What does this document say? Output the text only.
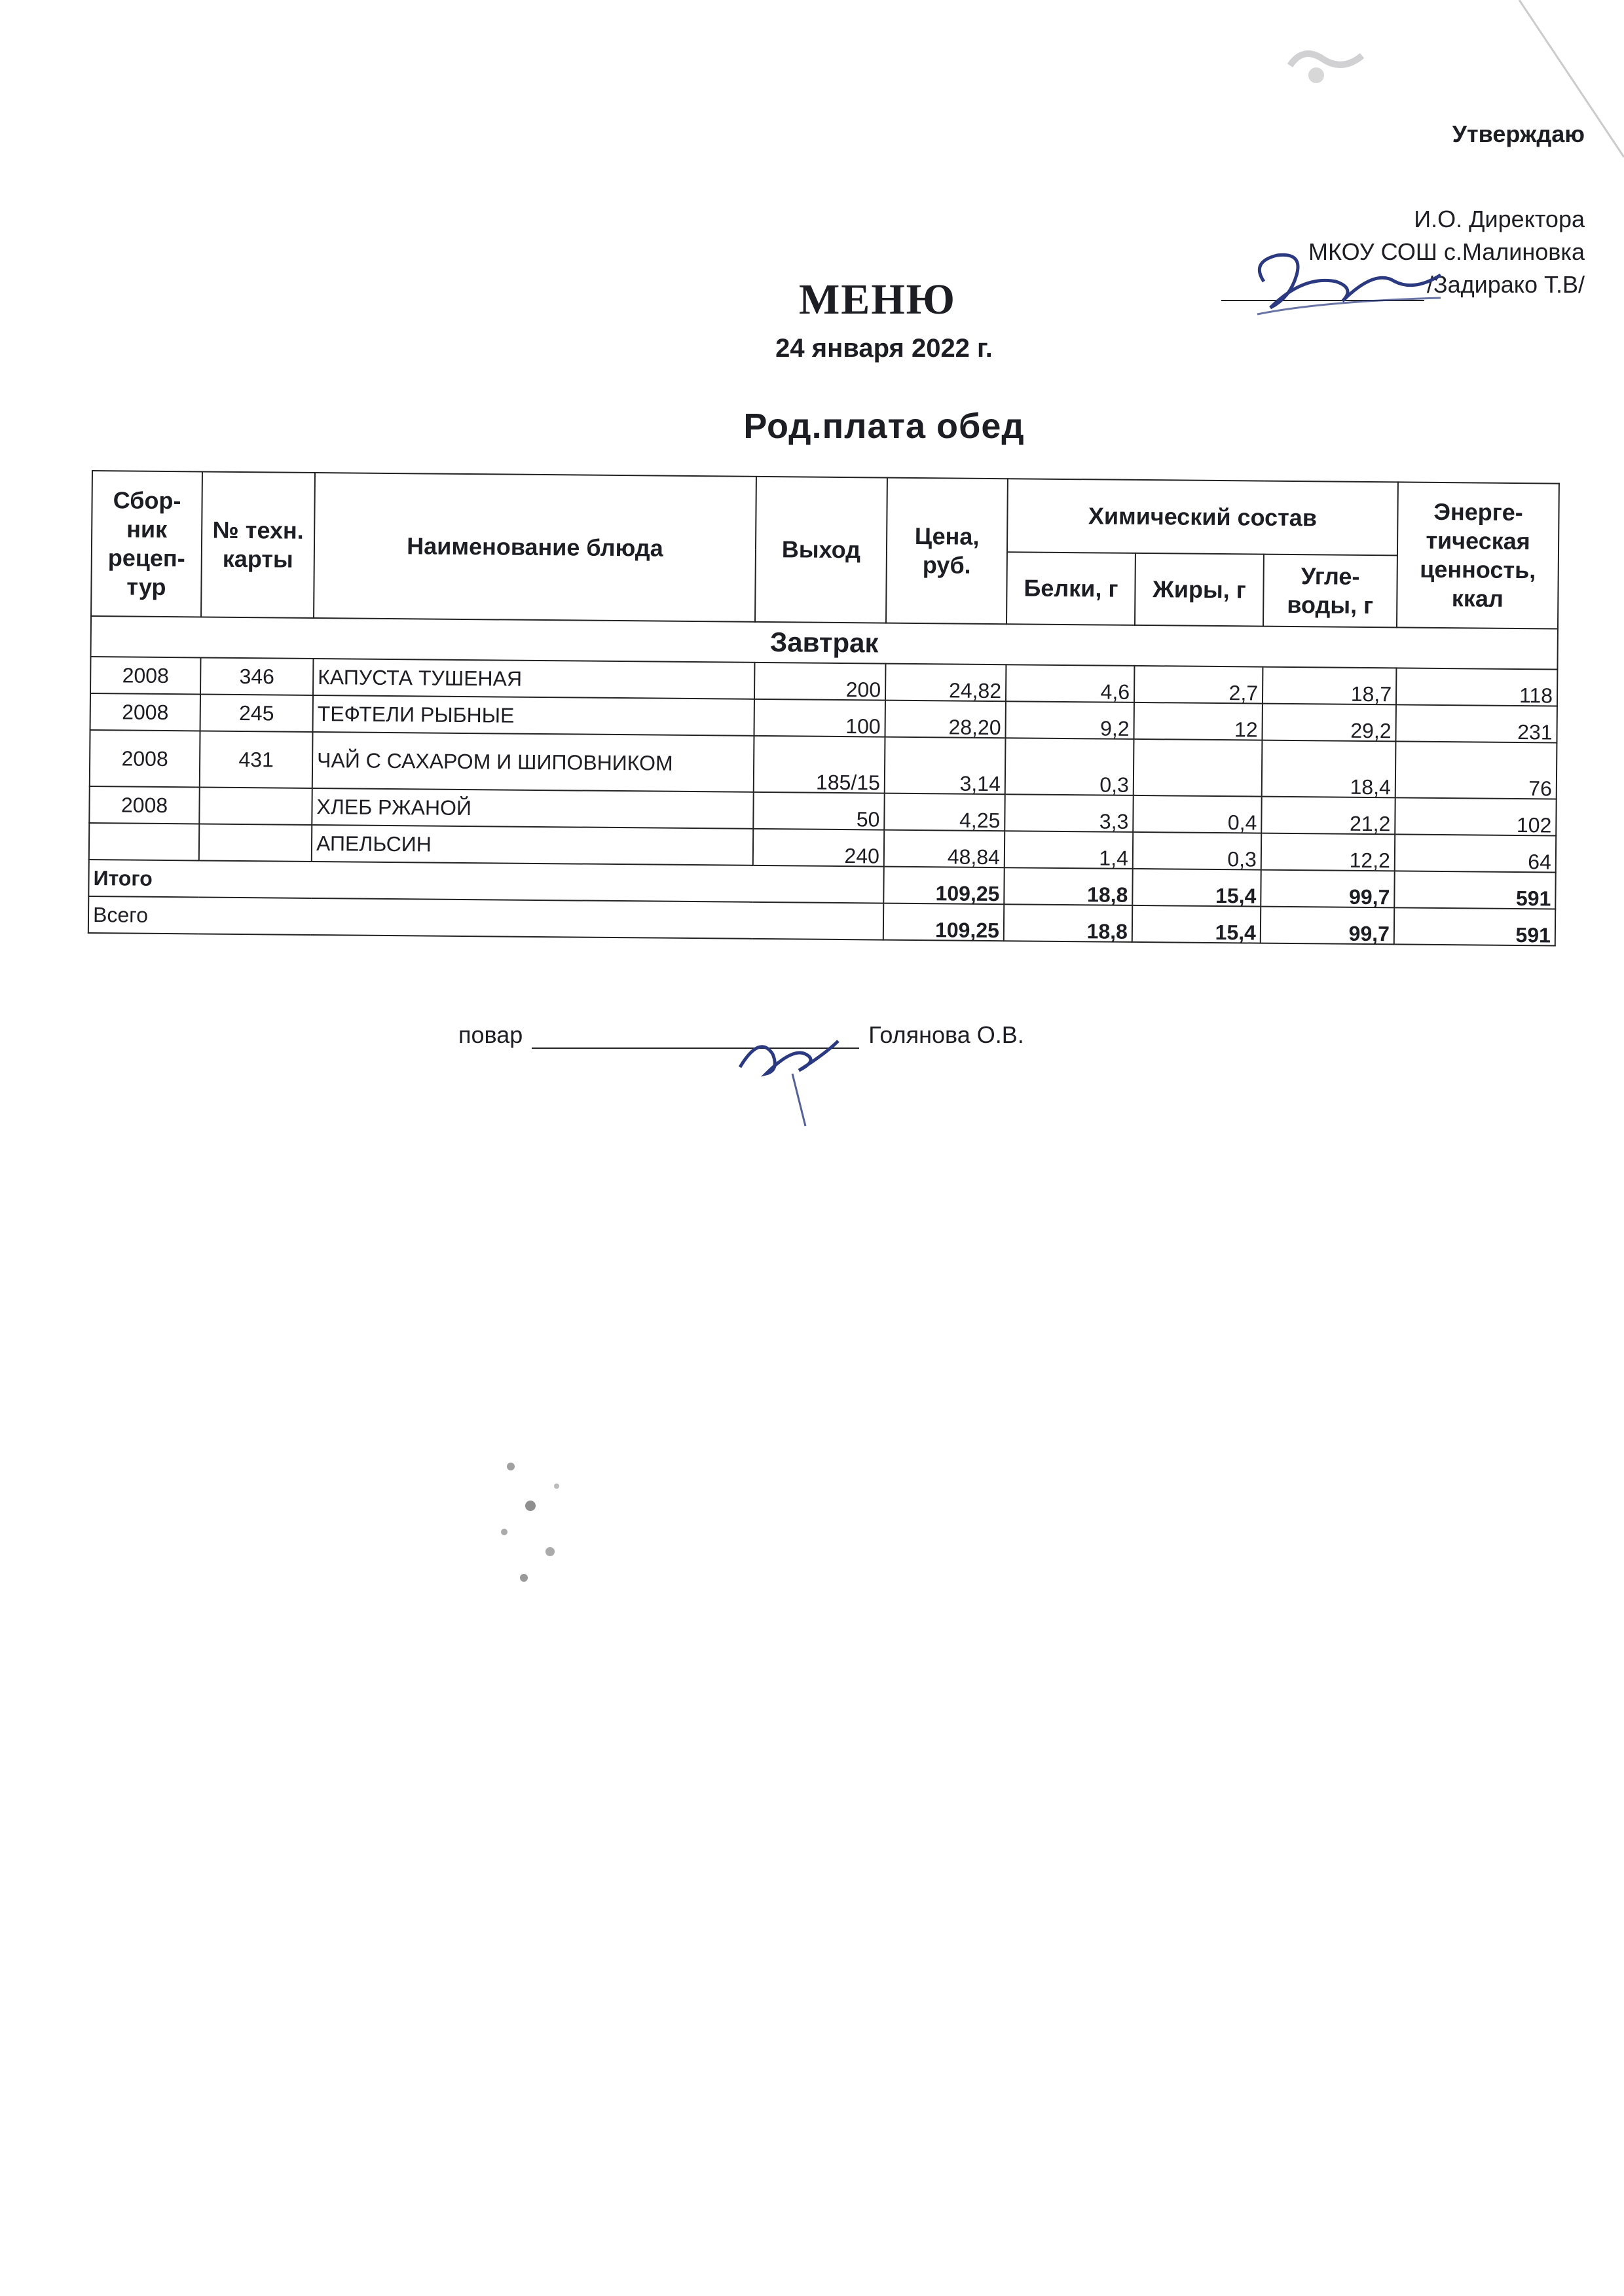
Утверждаю
И.О. Директора
МКОУ СОШ с.Малиновка
/Задирако Т.В/
МЕНЮ
24 января 2022 г.
Род.плата обед
Сбор-ник рецеп-тур	№ техн. карты	Наименование блюда	Выход	Цена, руб.	Химический состав			Энерге-тическая ценность, ккал
					Белки, г	Жиры, г	Угле-воды, г	
Завтрак								
2008	346	КАПУСТА ТУШЕНАЯ	200	24,82	4,6	2,7	18,7	118
2008	245	ТЕФТЕЛИ РЫБНЫЕ	100	28,20	9,2	12	29,2	231
2008	431	ЧАЙ С САХАРОМ И ШИПОВНИКОМ	185/15	3,14	0,3		18,4	76
2008		ХЛЕБ РЖАНОЙ	50	4,25	3,3	0,4	21,2	102
		АПЕЛЬСИН	240	48,84	1,4	0,3	12,2	64
Итого				109,25	18,8	15,4	99,7	591
Всего				109,25	18,8	15,4	99,7	591
повар	Голянова О.В.
